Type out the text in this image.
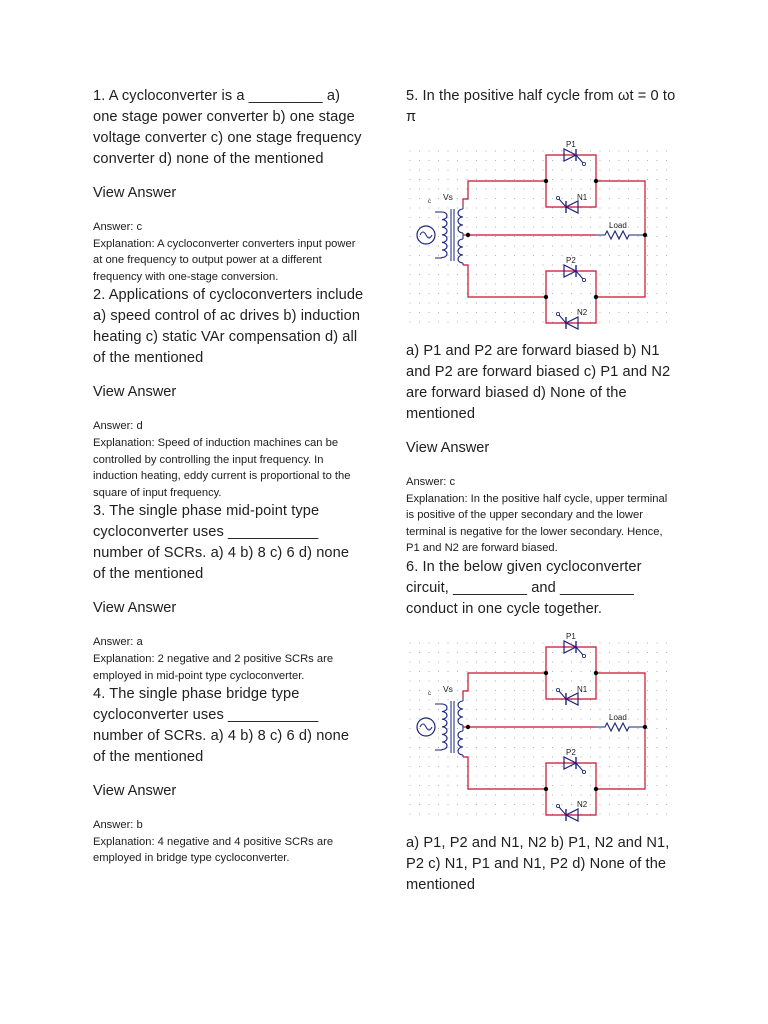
1. A cycloconverter is a _________ a) one stage power converter b) one stage voltage converter c) one stage frequency converter d) none of the mentioned

View Answer

Answer: c

Explanation: A cycloconverter converters input power at one frequency to output power at a different frequency with one-stage conversion.

2. Applications of cycloconverters include a) speed control of ac drives b) induction heating c) static VAr compensation d) all of the mentioned

View Answer

Answer: d

Explanation: Speed of induction machines can be controlled by controlling the input frequency. In induction heating, eddy current is proportional to the square of input frequency.

3. The single phase mid-point type cycloconverter uses ___________ number of SCRs. a) 4 b) 8 c) 6 d) none of the mentioned

View Answer

Answer: a

Explanation: 2 negative and 2 positive SCRs are employed in mid-point type cycloconverter.

4. The single phase bridge type cycloconverter uses ___________ number of SCRs. a) 4 b) 8 c) 6 d) none of the mentioned

View Answer

Answer: b

Explanation: 4 negative and 4 positive SCRs are employed in bridge type cycloconverter.

5. In the positive half cycle from ωt = 0 to π

Vs
c
Load
P1
N1
P2
N2

a) P1 and P2 are forward biased b) N1 and P2 are forward biased c) P1 and N2 are forward biased d) None of the mentioned

View Answer

Answer: c

Explanation: In the positive half cycle, upper terminal is positive of the upper secondary and the lower terminal is negative for the lower secondary. Hence, P1 and N2 are forward biased.

6. In the below given cycloconverter circuit, _________ and _________ conduct in one cycle together.

Vs
c
Load
P1
N1
P2
N2

a) P1, P2 and N1, N2 b) P1, N2 and N1, P2 c) N1, P1 and N1, P2 d) None of the mentioned
